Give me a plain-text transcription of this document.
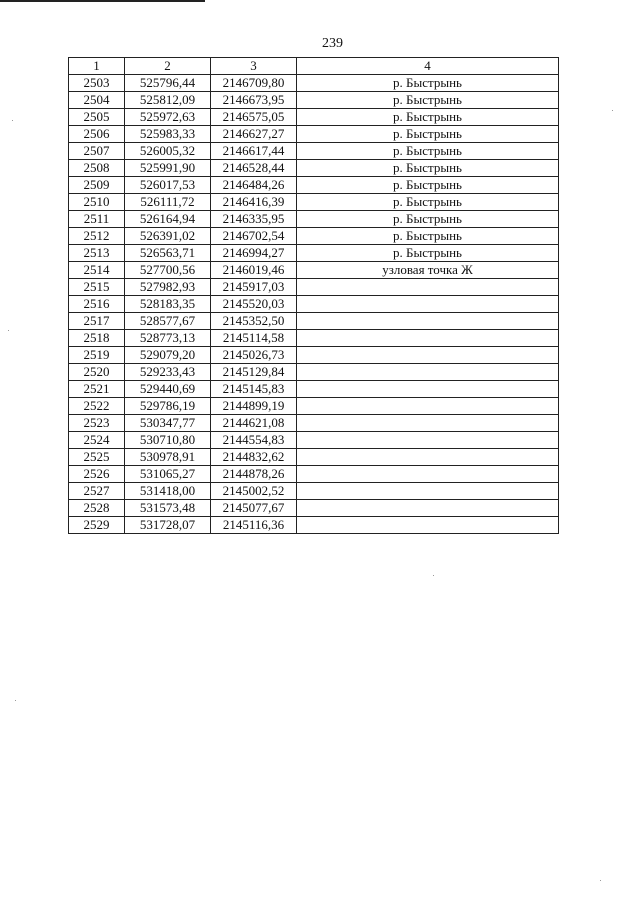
239
1	2	3	4
2503	525796,44	2146709,80	р. Быстрынь
2504	525812,09	2146673,95	р. Быстрынь
2505	525972,63	2146575,05	р. Быстрынь
2506	525983,33	2146627,27	р. Быстрынь
2507	526005,32	2146617,44	р. Быстрынь
2508	525991,90	2146528,44	р. Быстрынь
2509	526017,53	2146484,26	р. Быстрынь
2510	526111,72	2146416,39	р. Быстрынь
2511	526164,94	2146335,95	р. Быстрынь
2512	526391,02	2146702,54	р. Быстрынь
2513	526563,71	2146994,27	р. Быстрынь
2514	527700,56	2146019,46	узловая точка Ж
2515	527982,93	2145917,03	
2516	528183,35	2145520,03	
2517	528577,67	2145352,50	
2518	528773,13	2145114,58	
2519	529079,20	2145026,73	
2520	529233,43	2145129,84	
2521	529440,69	2145145,83	
2522	529786,19	2144899,19	
2523	530347,77	2144621,08	
2524	530710,80	2144554,83	
2525	530978,91	2144832,62	
2526	531065,27	2144878,26	
2527	531418,00	2145002,52	
2528	531573,48	2145077,67	
2529	531728,07	2145116,36	
